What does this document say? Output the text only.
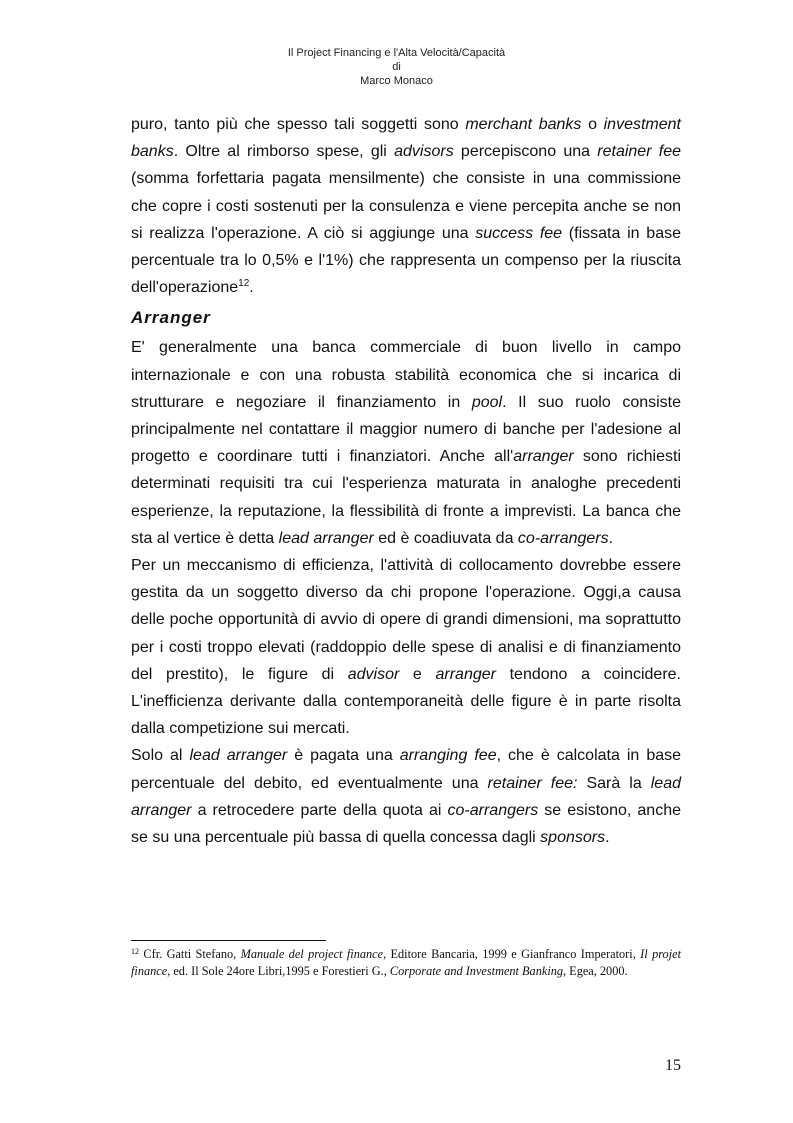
Il Project Financing e l'Alta Velocità/Capacità
di
Marco Monaco

puro, tanto più che spesso tali soggetti sono merchant banks o investment banks. Oltre al rimborso spese, gli advisors percepiscono una retainer fee (somma forfettaria pagata mensilmente) che consiste in una commissione che copre i costi sostenuti per la consulenza e viene percepita anche se non si realizza l'operazione. A ciò si aggiunge una success fee (fissata in base percentuale tra lo 0,5% e l'1%) che rappresenta un compenso per la riuscita dell'operazione$^{12}$.

Arranger

E' generalmente una banca commerciale di buon livello in campo internazionale e con una robusta stabilità economica che si incarica di strutturare e negoziare il finanziamento in pool. Il suo ruolo consiste principalmente nel contattare il maggior numero di banche per l'adesione al progetto e coordinare tutti i finanziatori. Anche all'arranger sono richiesti determinati requisiti tra cui l'esperienza maturata in analoghe precedenti esperienze, la reputazione, la flessibilità di fronte a imprevisti. La banca che sta al vertice è detta lead arranger ed è coadiuvata da co-arrangers.

Per un meccanismo di efficienza, l'attività di collocamento dovrebbe essere gestita da un soggetto diverso da chi propone l'operazione. Oggi,a causa delle poche opportunità di avvio di opere di grandi dimensioni, ma soprattutto per i costi troppo elevati (raddoppio delle spese di analisi e di finanziamento del prestito), le figure di advisor e arranger tendono a coincidere. L'inefficienza derivante dalla contemporaneità delle figure è in parte risolta dalla competizione sui mercati.

Solo al lead arranger è pagata una arranging fee, che è calcolata in base percentuale del debito, ed eventualmente una retainer fee: Sarà la lead arranger a retrocedere parte della quota ai co-arrangers se esistono, anche se su una percentuale più bassa di quella concessa dagli sponsors.

$^{12}$ Cfr. Gatti Stefano, Manuale del project finance, Editore Bancaria, 1999 e Gianfranco Imperatori, Il projet finance, ed. Il Sole 24ore Libri,1995 e Forestieri G., Corporate and Investment Banking, Egea, 2000.
15
